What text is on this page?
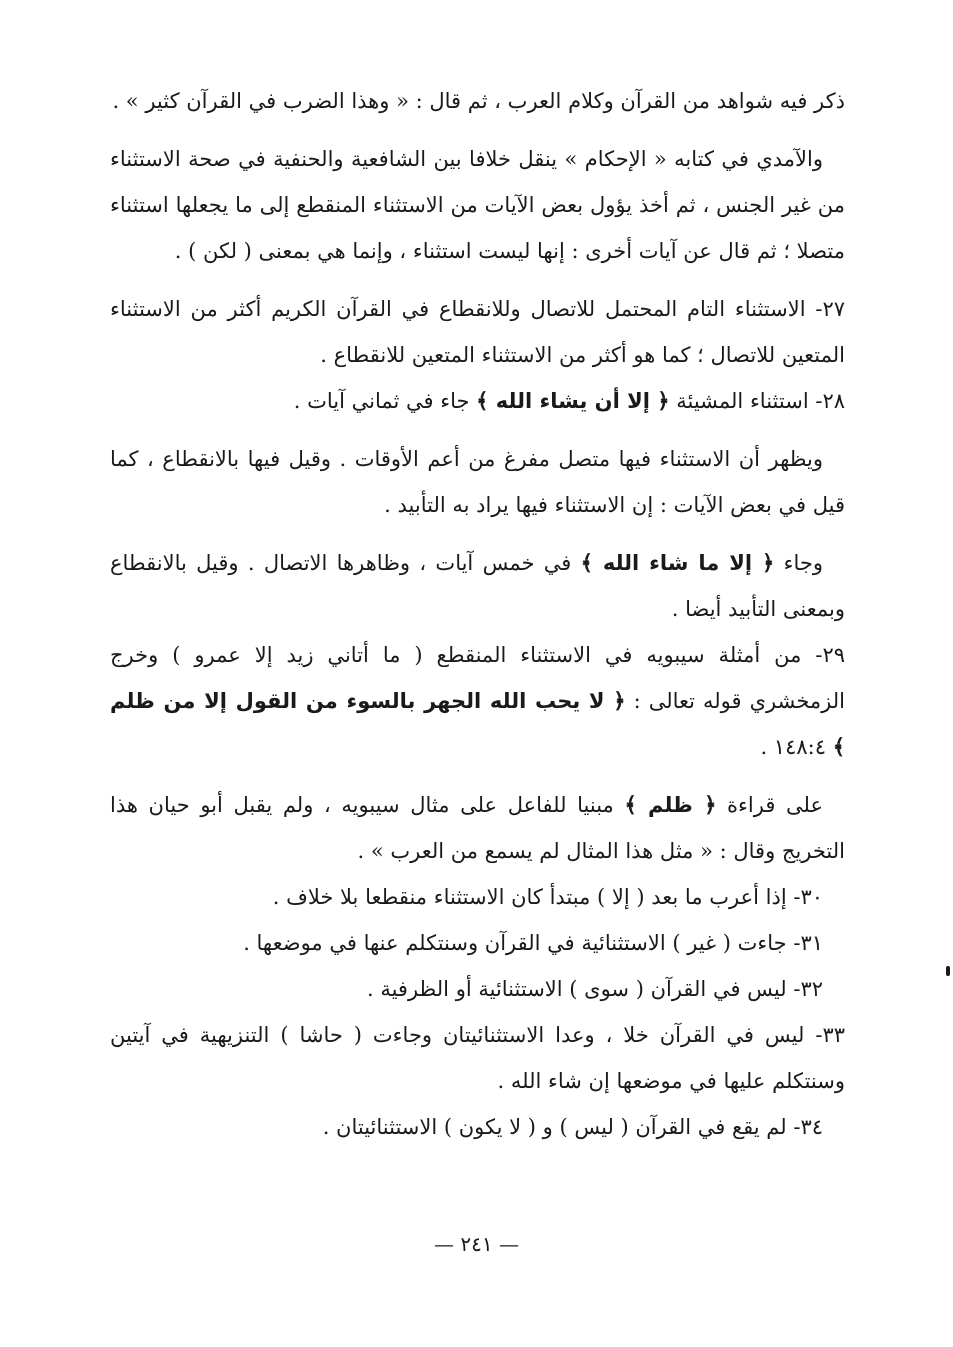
ذكر فيه شواهد من القرآن وكلام العرب ، ثم قال : « وهذا الضرب في القرآن كثير » .

والآمدي في كتابه « الإحكام » ينقل خلافا بين الشافعية والحنفية في صحة الاستثناء من غير الجنس ، ثم أخذ يؤول بعض الآيات من الاستثناء المنقطع إلى ما يجعلها استثناء متصلا ؛ ثم قال عن آيات أخرى : إنها ليست استثناء ، وإنما هي بمعنى ( لكن ) .

٢٧- الاستثناء التام المحتمل للاتصال وللانقطاع في القرآن الكريم أكثر من الاستثناء المتعين للاتصال ؛ كما هو أكثر من الاستثناء المتعين للانقطاع .

٢٨- استثناء المشيئة ﴿ إلا أن يشاء الله ﴾ جاء في ثماني آيات .

ويظهر أن الاستثناء فيها متصل مفرغ من أعم الأوقات . وقيل فيها بالانقطاع ، كما قيل في بعض الآيات : إن الاستثناء فيها يراد به التأبيد .

وجاء ﴿ إلا ما شاء الله ﴾ في خمس آيات ، وظاهرها الاتصال . وقيل بالانقطاع وبمعنى التأبيد أيضا .

٢٩- من أمثلة سيبويه في الاستثناء المنقطع ( ما أتاني زيد إلا عمرو ) وخرج الزمخشري قوله تعالى : ﴿ لا يحب الله الجهر بالسوء من القول إلا من ظلم ﴾ ١٤٨:٤ .

على قراءة ﴿ ظلم ﴾ مبنيا للفاعل على مثال سيبويه ، ولم يقبل أبو حيان هذا التخريج وقال : « مثل هذا المثال لم يسمع من العرب » .

٣٠- إذا أعرب ما بعد ( إلا ) مبتدأ كان الاستثناء منقطعا بلا خلاف .

٣١- جاءت ( غير ) الاستثنائية في القرآن وسنتكلم عنها في موضعها .

٣٢- ليس في القرآن ( سوى ) الاستثنائية أو الظرفية .

٣٣- ليس في القرآن خلا ، وعدا الاستثنائيتان وجاءت ( حاشا ) التنزيهية في آيتين وسنتكلم عليها في موضعها إن شاء الله .

٣٤- لم يقع في القرآن ( ليس ) و ( لا يكون ) الاستثنائيتان .

— ٢٤١ —
